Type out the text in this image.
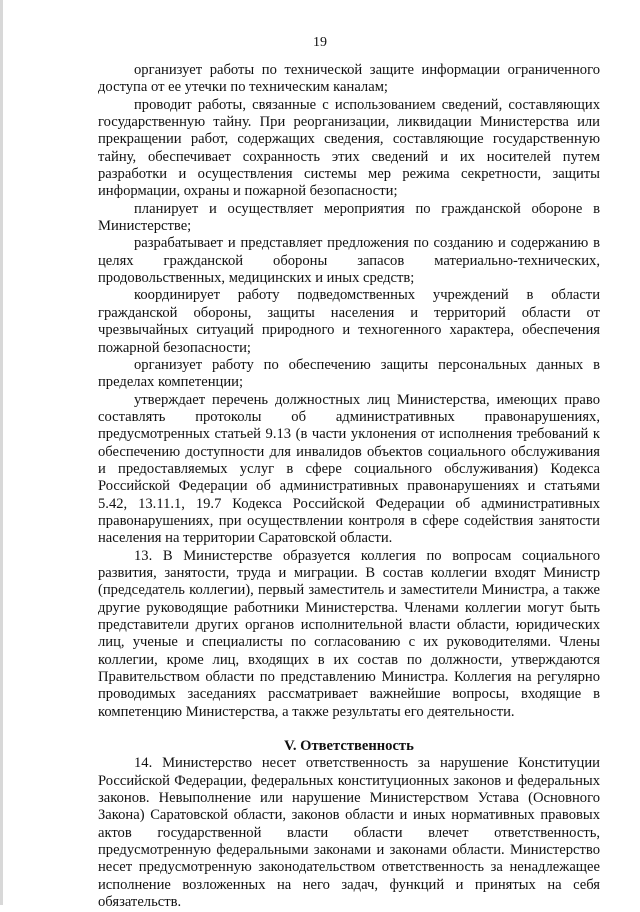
19

организует работы по технической защите информации ограниченного доступа от ее утечки по техническим каналам;

проводит работы, связанные с использованием сведений, составляющих государственную тайну. При реорганизации, ликвидации Министерства или прекращении работ, содержащих сведения, составляющие государственную тайну, обеспечивает сохранность этих сведений и их носителей путем разработки и осуществления системы мер режима секретности, защиты информации, охраны и пожарной безопасности;

планирует и осуществляет мероприятия по гражданской обороне в Министерстве;

разрабатывает и представляет предложения по созданию и содержанию в целях гражданской обороны запасов материально-технических, продовольственных, медицинских и иных средств;

координирует работу подведомственных учреждений в области гражданской обороны, защиты населения и территорий области от чрезвычайных ситуаций природного и техногенного характера, обеспечения пожарной безопасности;

организует работу по обеспечению защиты персональных данных в пределах компетенции;

утверждает перечень должностных лиц Министерства, имеющих право составлять протоколы об административных правонарушениях, предусмотренных статьей 9.13 (в части уклонения от исполнения требований к обеспечению доступности для инвалидов объектов социального обслуживания и предоставляемых услуг в сфере социального обслуживания) Кодекса Российской Федерации об административных правонарушениях и статьями 5.42, 13.11.1, 19.7 Кодекса Российской Федерации об административных правонарушениях, при осуществлении контроля в сфере содействия занятости населения на территории Саратовской области.

13. В Министерстве образуется коллегия по вопросам социального развития, занятости, труда и миграции. В состав коллегии входят Министр (председатель коллегии), первый заместитель и заместители Министра, а также другие руководящие работники Министерства. Членами коллегии могут быть представители других органов исполнительной власти области, юридических лиц, ученые и специалисты по согласованию с их руководителями. Члены коллегии, кроме лиц, входящих в их состав по должности, утверждаются Правительством области по представлению Министра. Коллегия на регулярно проводимых заседаниях рассматривает важнейшие вопросы, входящие в компетенцию Министерства, а также результаты его деятельности.

V. Ответственность

14. Министерство несет ответственность за нарушение Конституции Российской Федерации, федеральных конституционных законов и федеральных законов. Невыполнение или нарушение Министерством Устава (Основного Закона) Саратовской области, законов области и иных нормативных правовых актов государственной власти области влечет ответственность, предусмотренную федеральными законами и законами области. Министерство несет предусмотренную законодательством ответственность за ненадлежащее исполнение возложенных на него задач, функций и принятых на себя обязательств.
